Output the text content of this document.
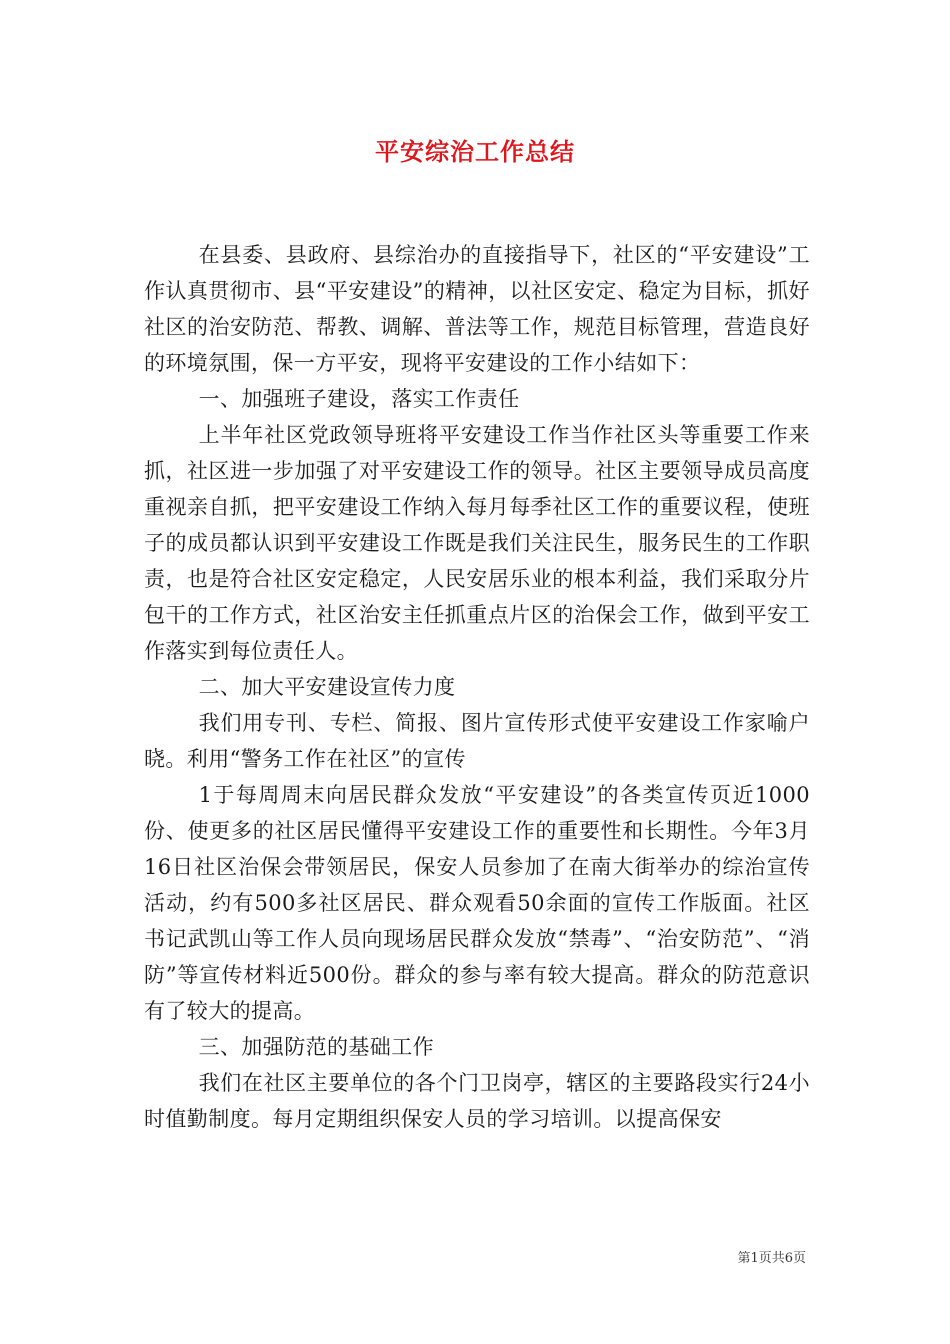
平安综治工作总结

在县委、县政府、县综治办的直接指导下，社区的“平安建设”工作认真贯彻市、县“平安建设”的精神，以社区安定、稳定为目标，抓好社区的治安防范、帮教、调解、普法等工作，规范目标管理，营造良好的环境氛围，保一方平安，现将平安建设的工作小结如下：

一、加强班子建设，落实工作责任

上半年社区党政领导班将平安建设工作当作社区头等重要工作来抓，社区进一步加强了对平安建设工作的领导。社区主要领导成员高度重视亲自抓，把平安建设工作纳入每月每季社区工作的重要议程，使班子的成员都认识到平安建设工作既是我们关注民生，服务民生的工作职责，也是符合社区安定稳定，人民安居乐业的根本利益，我们采取分片包干的工作方式，社区治安主任抓重点片区的治保会工作，做到平安工作落实到每位责任人。

二、加大平安建设宣传力度

我们用专刊、专栏、简报、图片宣传形式使平安建设工作家喻户晓。利用“警务工作在社区”的宣传

1于每周周末向居民群众发放“平安建设”的各类宣传页近1000份、使更多的社区居民懂得平安建设工作的重要性和长期性。今年3月16日社区治保会带领居民，保安人员参加了在南大街举办的综治宣传活动，约有500多社区居民、群众观看50余面的宣传工作版面。社区书记武凯山等工作人员向现场居民群众发放“禁毒”、“治安防范”、“消防”等宣传材料近500份。群众的参与率有较大提高。群众的防范意识有了较大的提高。

三、加强防范的基础工作

我们在社区主要单位的各个门卫岗亭，辖区的主要路段实行24小时值勤制度。每月定期组织保安人员的学习培训。以提高保安

第1页共6页
